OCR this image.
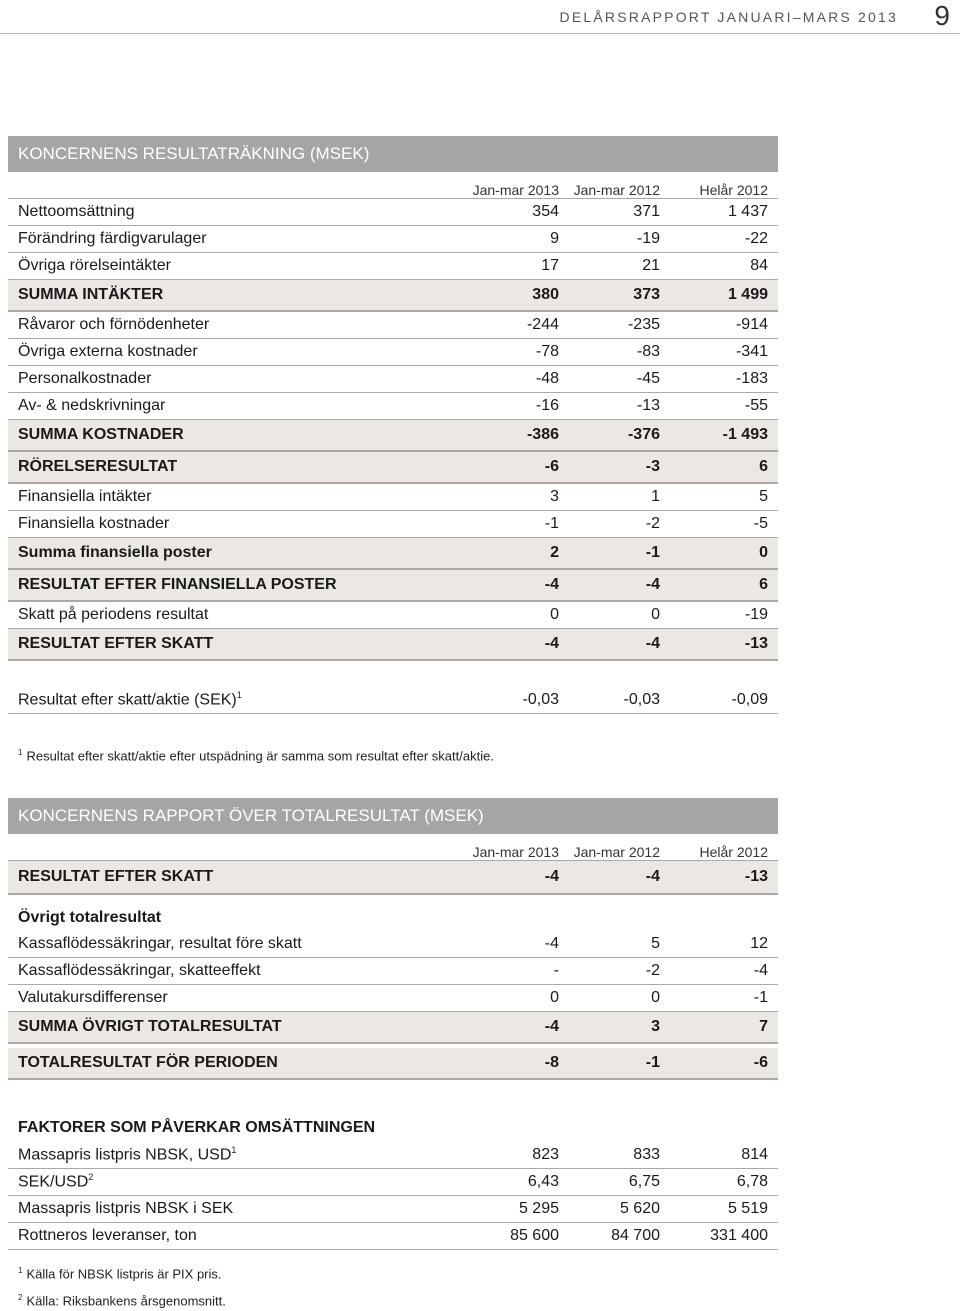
DELÅRSRAPPORT JANUARI–MARS 2013 9
KONCERNENS RESULTATRÄKNING (MSEK)
Jan-mar 2013	Jan-mar 2012	Helår 2012
Nettoomsättning	354	371	1 437
Förändring färdigvarulager	9	-19	-22
Övriga rörelseintäkter	17	21	84
SUMMA INTÄKTER	380	373	1 499
Råvaror och förnödenheter	-244	-235	-914
Övriga externa kostnader	-78	-83	-341
Personalkostnader	-48	-45	-183
Av- & nedskrivningar	-16	-13	-55
SUMMA KOSTNADER	-386	-376	-1 493
RÖRELSERESULTAT	-6	-3	6
Finansiella intäkter	3	1	5
Finansiella kostnader	-1	-2	-5
Summa finansiella poster	2	-1	0
RESULTAT EFTER FINANSIELLA POSTER	-4	-4	6
Skatt på periodens resultat	0	0	-19
RESULTAT EFTER SKATT	-4	-4	-13
Resultat efter skatt/aktie (SEK)$^1$	-0,03	-0,03	-0,09
$^1$ Resultat efter skatt/aktie efter utspädning är samma som resultat efter skatt/aktie.
KONCERNENS RAPPORT ÖVER TOTALRESULTAT (MSEK)
Jan-mar 2013	Jan-mar 2012	Helår 2012
RESULTAT EFTER SKATT	-4	-4	-13
Övrigt totalresultat
Kassaflödessäkringar, resultat före skatt	-4	5	12
Kassaflödessäkringar, skatteeffekt	-	-2	-4
Valutakursdifferenser	0	0	-1
SUMMA ÖVRIGT TOTALRESULTAT	-4	3	7
TOTALRESULTAT FÖR PERIODEN	-8	-1	-6
FAKTORER SOM PÅVERKAR OMSÄTTNINGEN
Massapris listpris NBSK, USD$^1$	823	833	814
SEK/USD$^2$	6,43	6,75	6,78
Massapris listpris NBSK i SEK	5 295	5 620	5 519
Rottneros leveranser, ton	85 600	84 700	331 400
$^1$ Källa för NBSK listpris är PIX pris.
$^2$ Källa: Riksbankens årsgenomsnitt.
